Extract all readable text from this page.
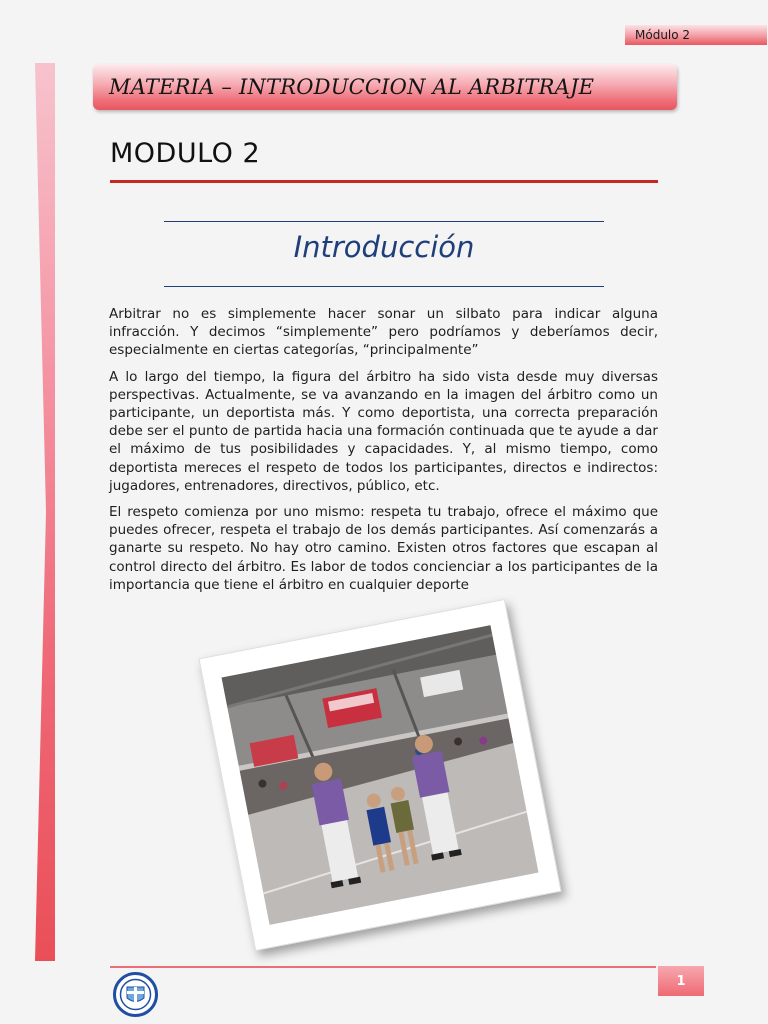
Módulo 2
MATERIA – INTRODUCCION AL ARBITRAJE
MODULO 2
Introducción

Arbitrar no es simplemente hacer sonar un silbato para indicar alguna infracción. Y decimos “simplemente” pero podríamos y deberíamos decir, especialmente en ciertas categorías, “principalmente”

A lo largo del tiempo, la figura del árbitro ha sido vista desde muy diversas perspectivas. Actualmente, se va avanzando en la imagen del árbitro como un participante, un deportista más. Y como deportista, una correcta preparación debe ser el punto de partida hacia una formación continuada que te ayude a dar el máximo de tus posibilidades y capacidades. Y, al mismo tiempo, como deportista mereces el respeto de todos los participantes, directos e indirectos: jugadores, entrenadores, directivos, público, etc.

El respeto comienza por uno mismo: respeta tu trabajo, ofrece el máximo que puedes ofrecer, respeta el trabajo de los demás participantes. Así comenzarás a ganarte su respeto. No hay otro camino. Existen otros factores que escapan al control directo del árbitro. Es labor de todos concienciar a los participantes de la importancia que tiene el árbitro en cualquier deporte

1
